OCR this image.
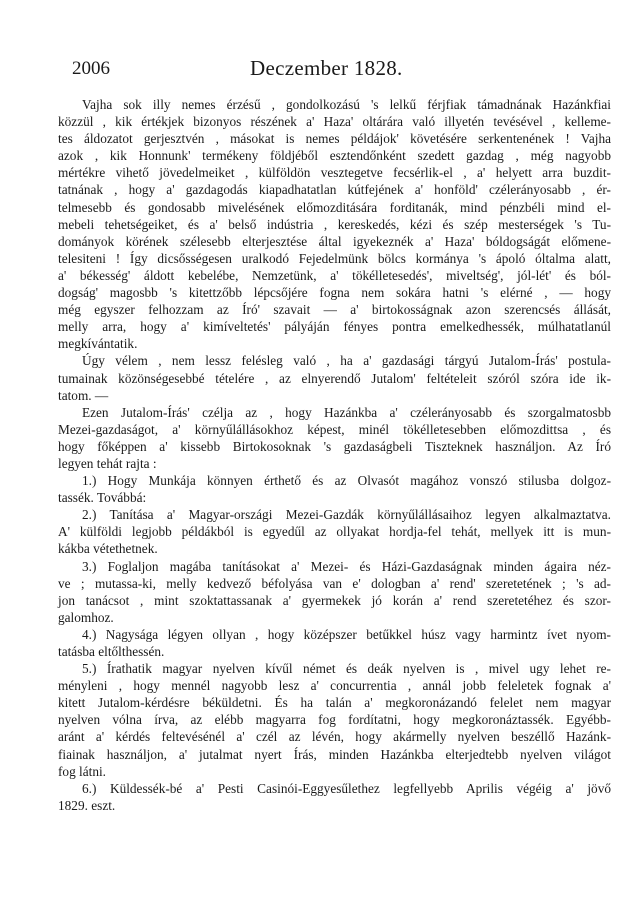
2006	Deczember 1828.
Vajha sok illy nemes érzésű , gondolkozású 's lelkű férjfiak támadnának Hazánkfiai
közzül , kik értékjek bizonyos részének a' Haza' oltárára való illyetén tevésével , kelleme-
tes áldozatot gerjesztvén , másokat is nemes példájok' követésére serkentenének ! Vajha
azok , kik Honnunk' termékeny földjéből esztendőnként szedett gazdag , még nagyobb
mértékre vihető jövedelmeiket , külföldön vesztegetve fecsérlik-el , a' helyett arra buzdit-
tatnának , hogy a' gazdagodás kiapadhatatlan kútfejének a' honföld' czélerányosabb , ér-
telmesebb és gondosabb mivelésének előmozditására forditanák, mind pénzbéli mind el-
mebeli tehetségeiket, és a' belső indústria , kereskedés, kézi és szép mesterségek 's Tu-
dományok körének szélesebb elterjesztése által igyekeznék a' Haza' bóldogságát előmene-
telesiteni ! Így dicsősségesen uralkodó Fejedelmünk bölcs kormánya 's ápoló óltalma alatt,
a' békesség' áldott kebelébe, Nemzetünk, a' tökélletesedés', miveltség', jól-lét' és ból-
dogság' magosbb 's kitettzőbb lépcsőjére fogna nem sokára hatni 's elérné , — hogy
még egyszer felhozzam az Író' szavait — a' birtokosságnak azon szerencsés állását,
melly arra, hogy a' kimíveltetés' pályáján fényes pontra emelkedhessék, múlhatatlanúl
megkívántatik.
Úgy vélem , nem lessz felésleg való , ha a' gazdasági tárgyú Jutalom-Írás' postula-
tumainak közönségesebbé tételére , az elnyerendő Jutalom' feltételeit szóról szóra ide ik-
tatom. —
Ezen Jutalom-Írás' czélja az , hogy Hazánkba a' czélerányosabb és szorgalmatosbb
Mezei-gazdaságot, a' környűlállásokhoz képest, minél tökélletesebben előmozdittsa , és
hogy főképpen a' kissebb Birtokosoknak 's gazdaságbeli Tiszteknek használjon. Az Író
legyen tehát rajta :
1.) Hogy Munkája könnyen érthető és az Olvasót magához vonszó stilusba dolgoz-
tassék. Továbbá:
2.) Tanítása a' Magyar-országi Mezei-Gazdák környűlállásaihoz legyen alkalmaztatva.
A' külföldi legjobb példákból is egyedűl az ollyakat hordja-fel tehát, mellyek itt is mun-
kákba vétethetnek.
3.) Foglaljon magába tanításokat a' Mezei- és Házi-Gazdaságnak minden ágaira néz-
ve ; mutassa-ki, melly kedvező béfolyása van e' dologban a' rend' szeretetének ; 's ad-
jon tanácsot , mint szoktattassanak a' gyermekek jó korán a' rend szeretetéhez és szor-
galomhoz.
4.) Nagysága légyen ollyan , hogy középszer betűkkel húsz vagy harmintz ívet nyom-
tatásba eltőlthessén.
5.) Írathatik magyar nyelven kívűl német és deák nyelven is , mivel ugy lehet re-
ményleni , hogy mennél nagyobb lesz a' concurrentia , annál jobb feleletek fognak a'
kitett Jutalom-kérdésre béküldetni. És ha talán a' megkoronázandó felelet nem magyar
nyelven vólna írva, az elébb magyarra fog fordítatni, hogy megkoronáztassék. Egyébb-
aránt a' kérdés feltevésénél a' czél az lévén, hogy akármelly nyelven beszéllő Hazánk-
fiainak használjon, a' jutalmat nyert Írás, minden Hazánkba elterjedtebb nyelven világot
fog látni.
6.) Küldessék-bé a' Pesti Casinói-Eggyesűlethez legfellyebb Aprilis végéig a' jövő
1829. eszt.
